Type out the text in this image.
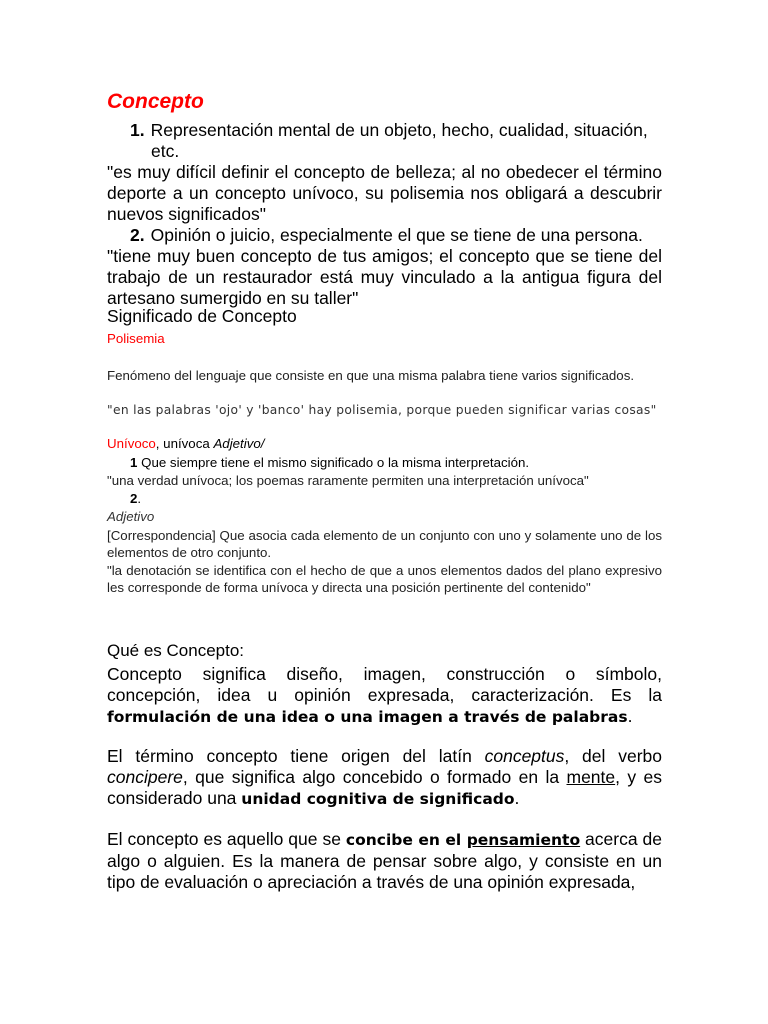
Concepto
1. Representación mental de un objeto, hecho, cualidad, situación,
etc.

"es muy difícil definir el concepto de belleza; al no obedecer el término deporte a un concepto unívoco, su polisemia nos obligará a descubrir nuevos significados"

2. Opinión o juicio, especialmente el que se tiene de una persona.

"tiene muy buen concepto de tus amigos; el concepto que se tiene del trabajo de un restaurador está muy vinculado a la antigua figura del artesano sumergido en su taller"

Significado de Concepto

Polisemia

Fenómeno del lenguaje que consiste en que una misma palabra tiene varios significados.

"en las palabras 'ojo' y 'banco' hay polisemia, porque pueden significar varias cosas"

Unívoco, unívoca Adjetivo/

1 Que siempre tiene el mismo significado o la misma interpretación.

"una verdad unívoca; los poemas raramente permiten una interpretación unívoca"

2.

Adjetivo

[Correspondencia] Que asocia cada elemento de un conjunto con uno y solamente uno de los elementos de otro conjunto.

"la denotación se identifica con el hecho de que a unos elementos dados del plano expresivo les corresponde de forma unívoca y directa una posición pertinente del contenido"

Qué es Concepto:

Concepto significa diseño, imagen, construcción o símbolo, concepción, idea u opinión expresada, caracterización. Es la formulación de una idea o una imagen a través de palabras.

El término concepto tiene origen del latín conceptus, del verbo concipere, que significa algo concebido o formado en la mente, y es considerado una unidad cognitiva de significado.

El concepto es aquello que se concibe en el pensamiento acerca de algo o alguien. Es la manera de pensar sobre algo, y consiste en un tipo de evaluación o apreciación a través de una opinión expresada,
